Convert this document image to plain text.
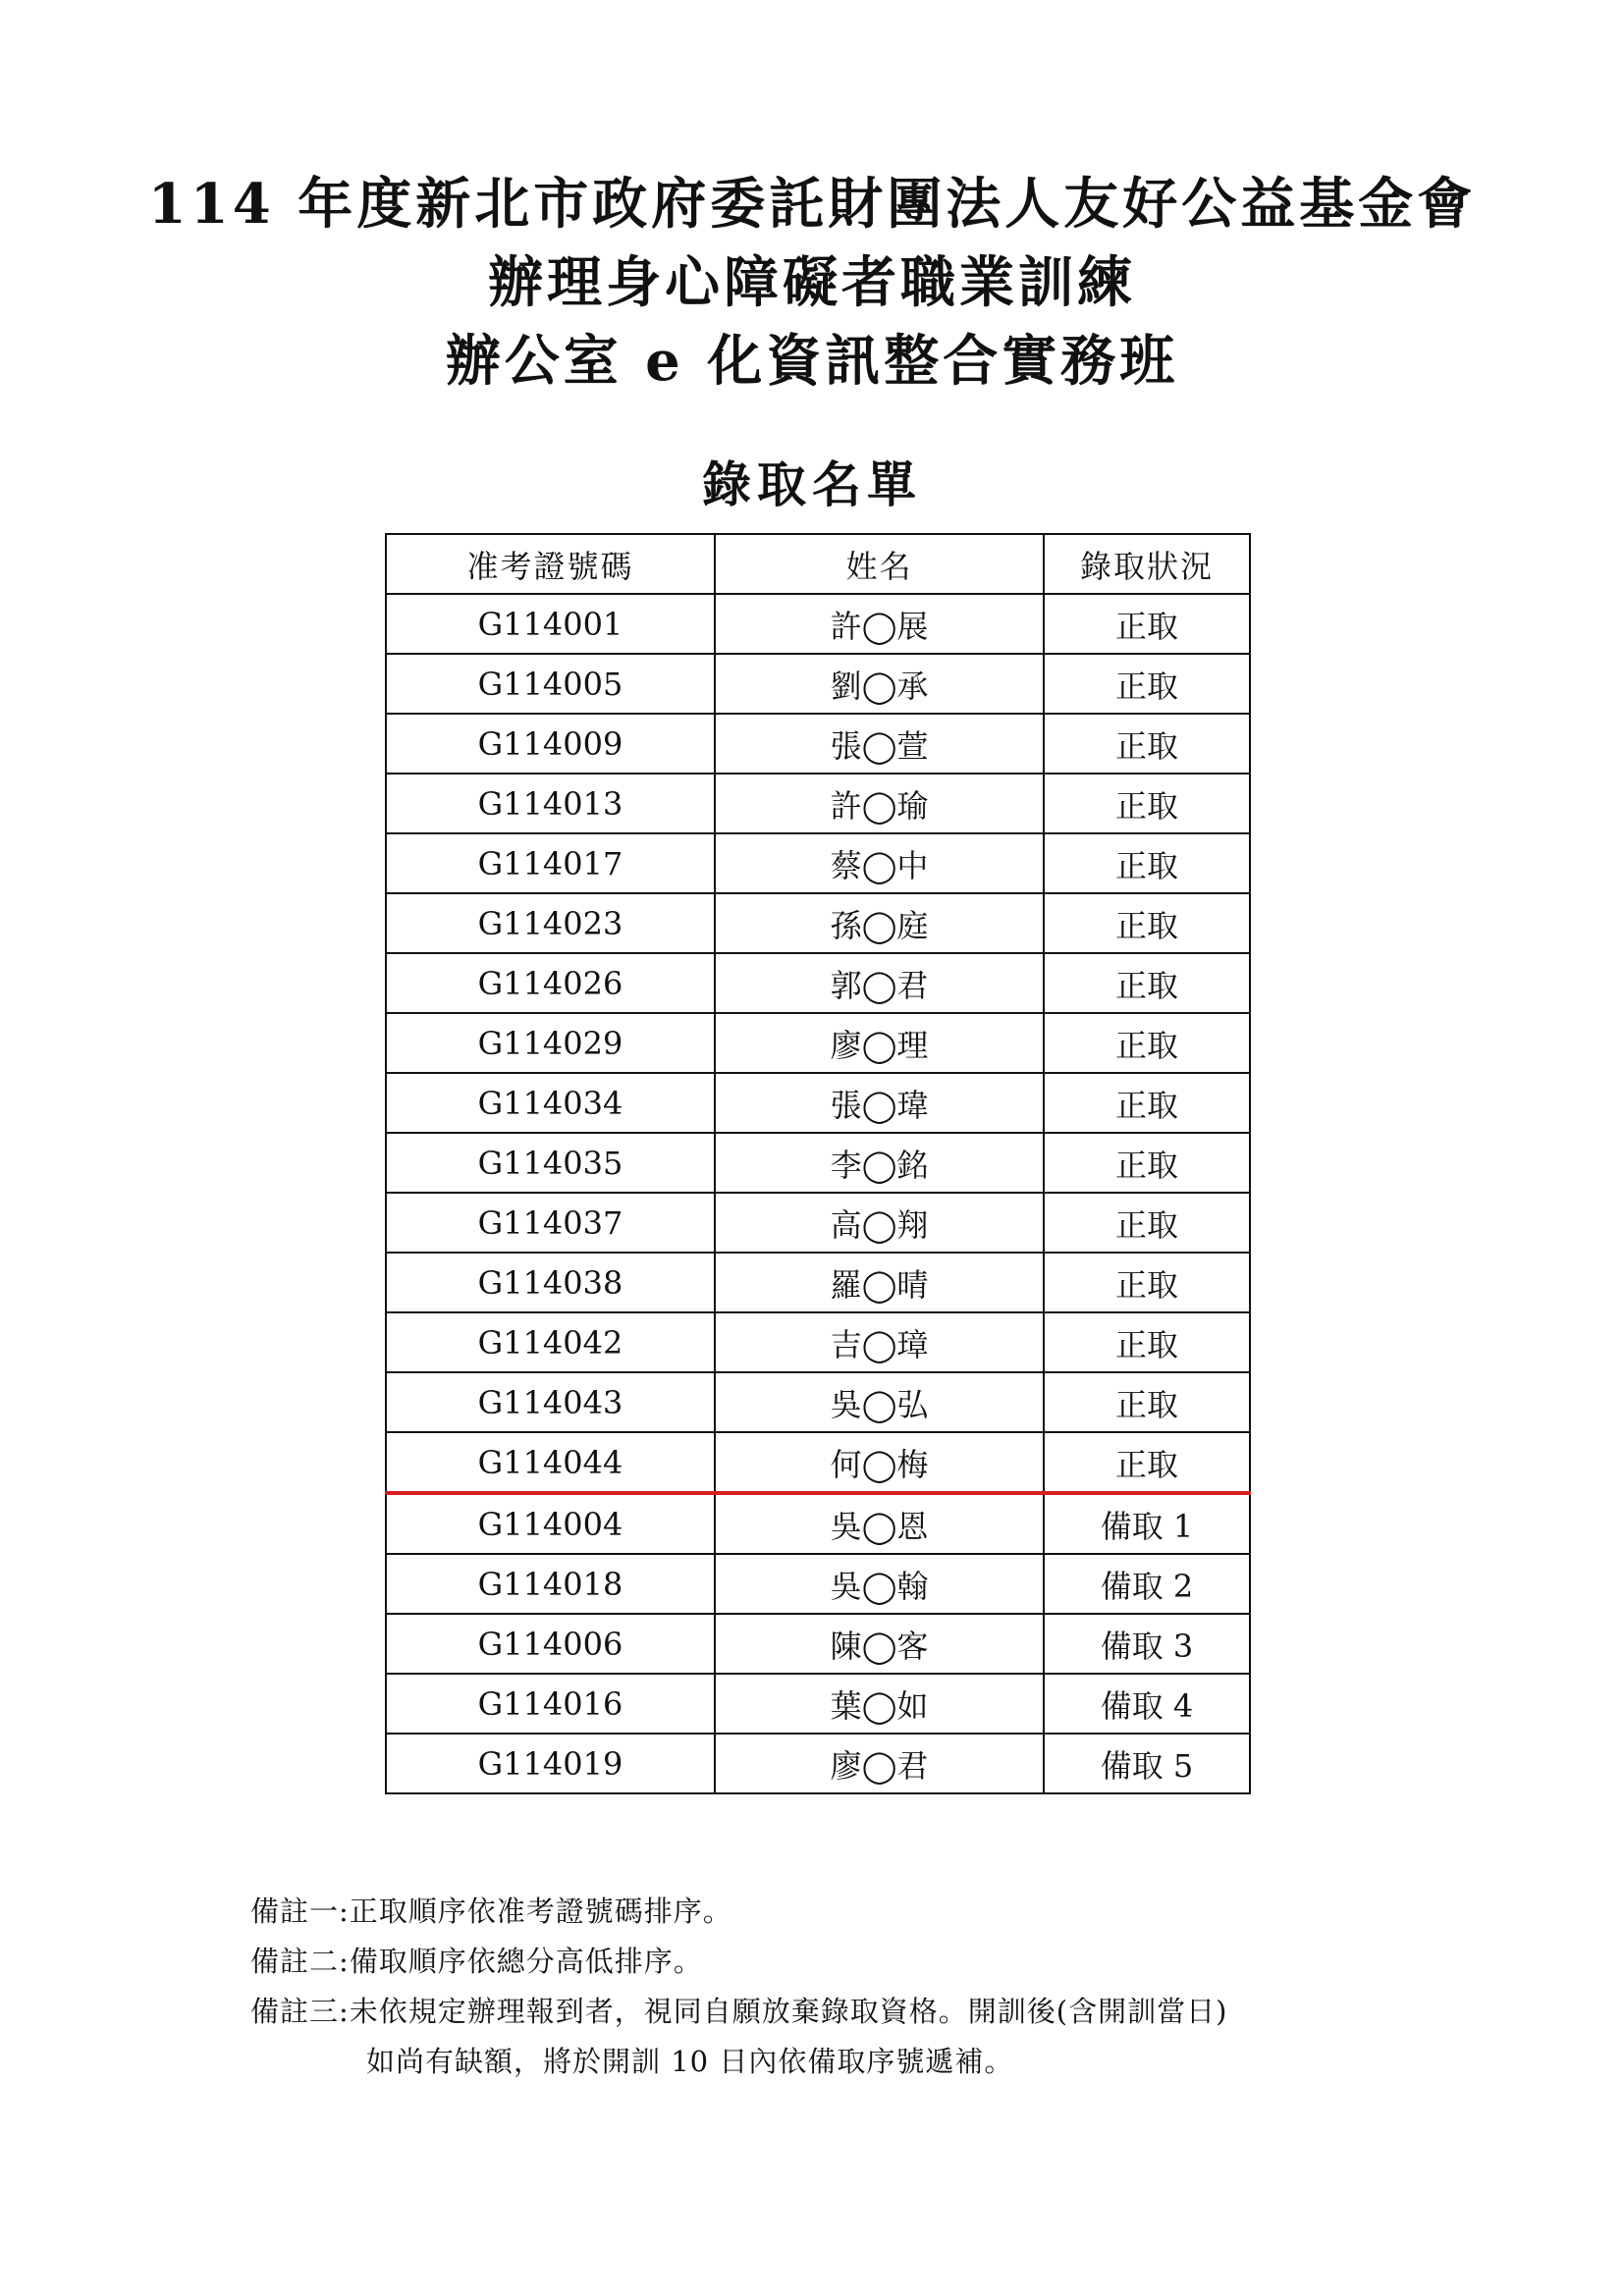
114 年度新北市政府委託財團法人友好公益基金會
辦理身心障礙者職業訓練
辦公室 e 化資訊整合實務班
錄取名單
准考證號碼	姓名	錄取狀況
G114001	許◯展	正取
G114005	劉◯承	正取
G114009	張◯萱	正取
G114013	許◯瑜	正取
G114017	蔡◯中	正取
G114023	孫◯庭	正取
G114026	郭◯君	正取
G114029	廖◯理	正取
G114034	張◯瑋	正取
G114035	李◯銘	正取
G114037	高◯翔	正取
G114038	羅◯晴	正取
G114042	吉◯璋	正取
G114043	吳◯弘	正取
G114044	何◯梅	正取
G114004	吳◯恩	備取 1
G114018	吳◯翰	備取 2
G114006	陳◯客	備取 3
G114016	葉◯如	備取 4
G114019	廖◯君	備取 5
備註一:正取順序依准考證號碼排序。
備註二:備取順序依總分高低排序。
備註三:未依規定辦理報到者，視同自願放棄錄取資格。開訓後(含開訓當日)
如尚有缺額，將於開訓 10 日內依備取序號遞補。
